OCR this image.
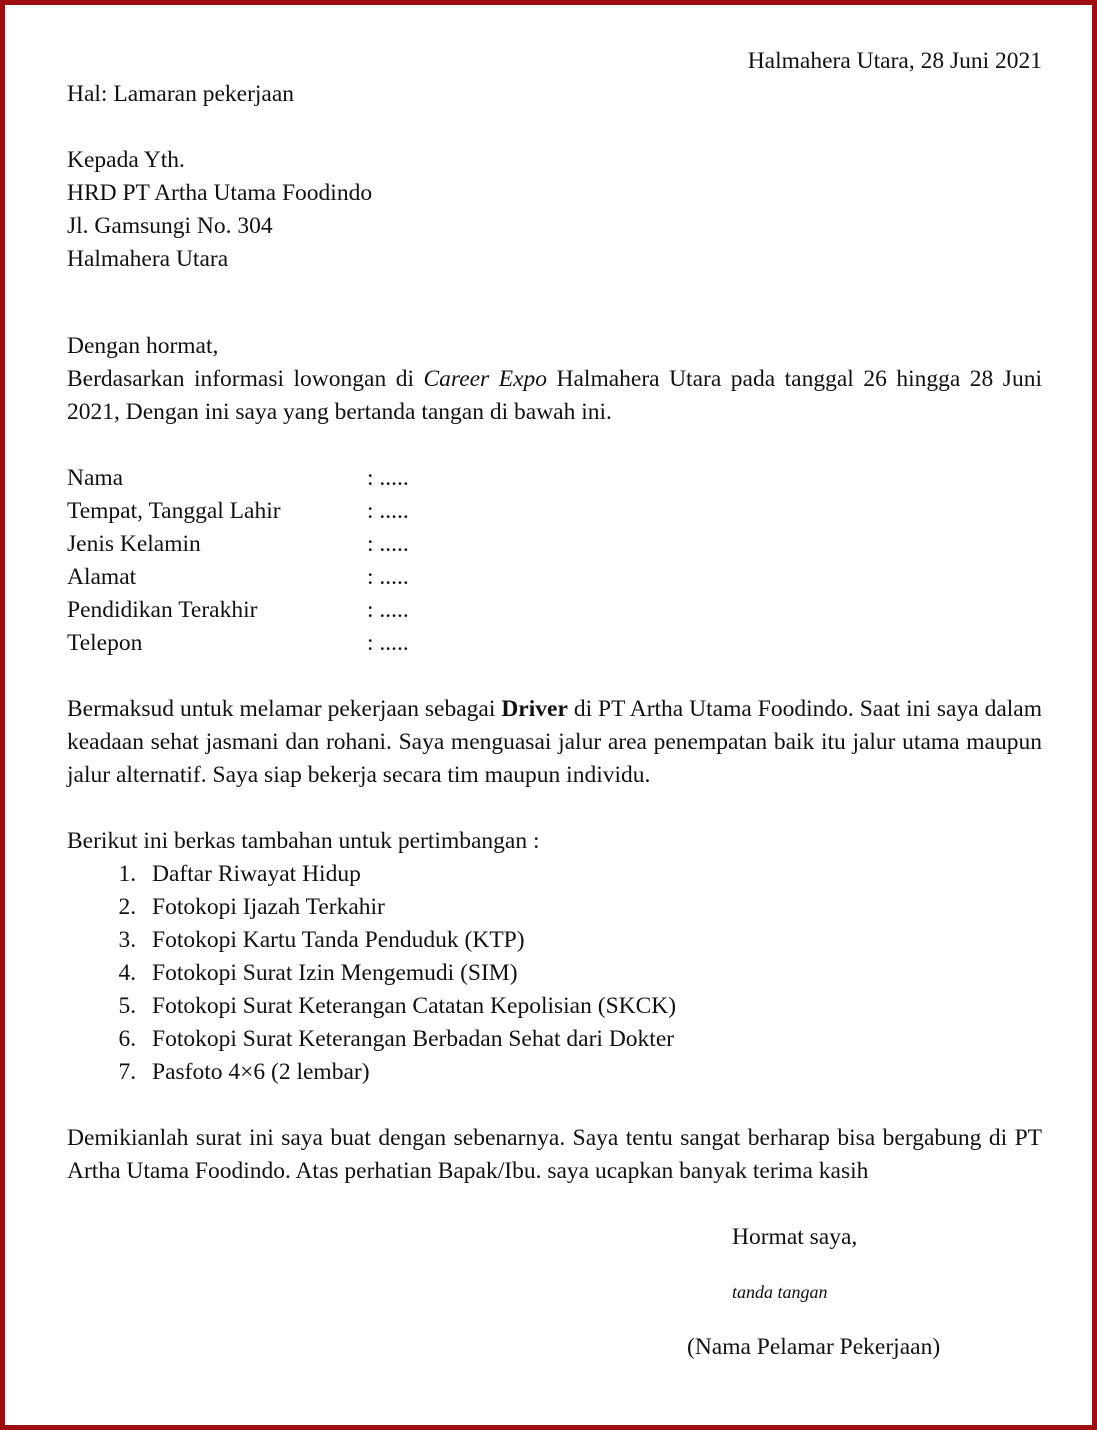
Halmahera Utara, 28 Juni 2021

Hal: Lamaran pekerjaan

Kepada Yth.

HRD PT Artha Utama Foodindo

Jl. Gamsungi No. 304

Halmahera Utara

Dengan hormat,

Berdasarkan informasi lowongan di Career Expo Halmahera Utara pada tanggal 26 hingga 28 Juni 2021, Dengan ini saya yang bertanda tangan di bawah ini.

Nama	: .....
Tempat, Tanggal Lahir	: .....
Jenis Kelamin	: .....
Alamat	: .....
Pendidikan Terakhir	: .....
Telepon	: .....

Bermaksud untuk melamar pekerjaan sebagai Driver di PT Artha Utama Foodindo. Saat ini saya dalam keadaan sehat jasmani dan rohani. Saya menguasai jalur area penempatan baik itu jalur utama maupun jalur alternatif. Saya siap bekerja secara tim maupun individu.

Berikut ini berkas tambahan untuk pertimbangan :

1. Daftar Riwayat Hidup
2. Fotokopi Ijazah Terkahir
3. Fotokopi Kartu Tanda Penduduk (KTP)
4. Fotokopi Surat Izin Mengemudi (SIM)
5. Fotokopi Surat Keterangan Catatan Kepolisian (SKCK)
6. Fotokopi Surat Keterangan Berbadan Sehat dari Dokter
7. Pasfoto 4×6 (2 lembar)

Demikianlah surat ini saya buat dengan sebenarnya. Saya tentu sangat berharap bisa bergabung di PT Artha Utama Foodindo. Atas perhatian Bapak/Ibu. saya ucapkan banyak terima kasih

Hormat saya,

tanda tangan

(Nama Pelamar Pekerjaan)
